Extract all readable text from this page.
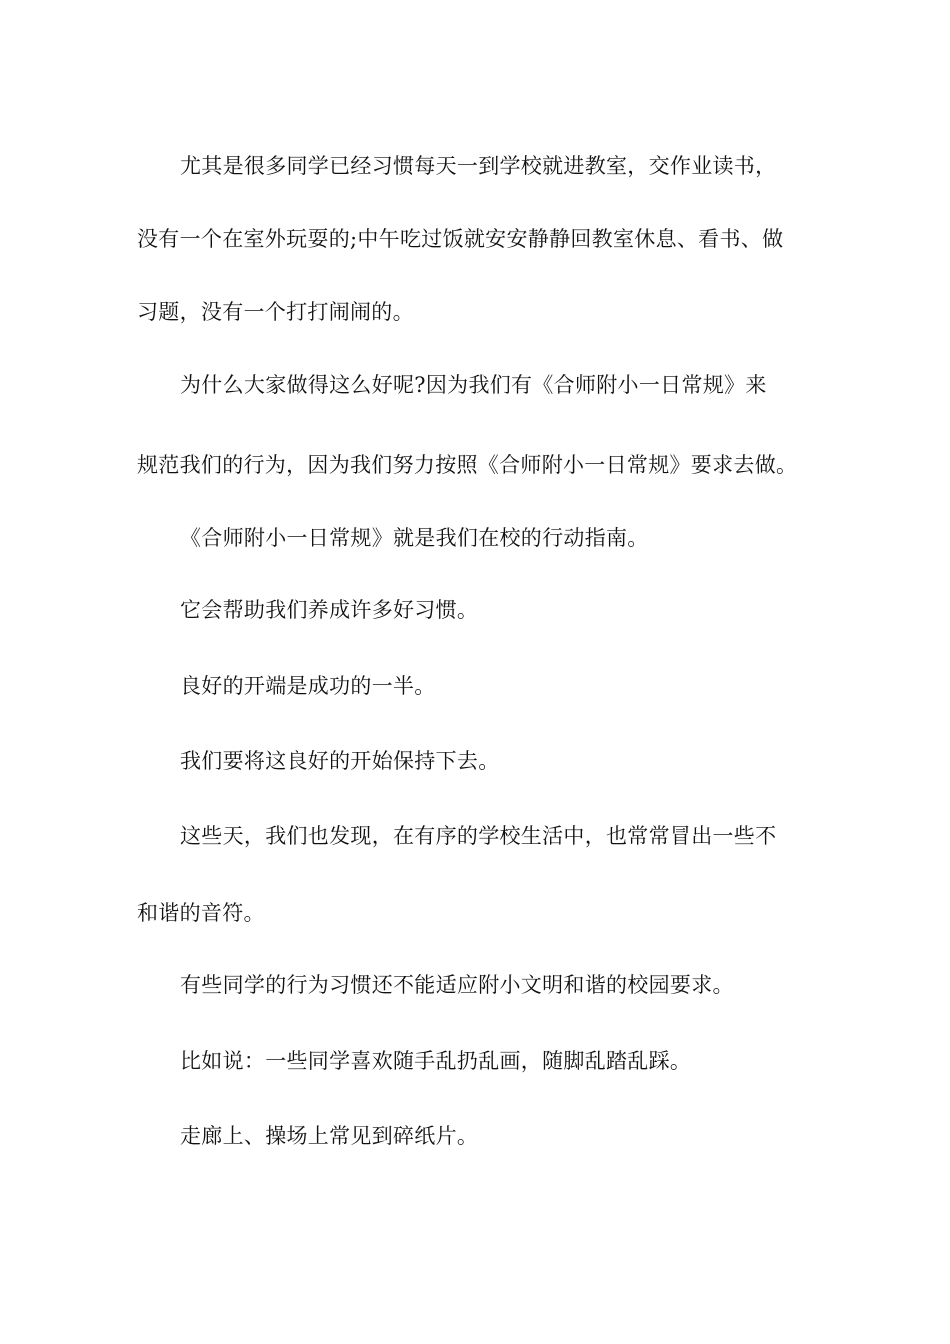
尤其是很多同学已经习惯每天一到学校就进教室，交作业读书，
没有一个在室外玩耍的;中午吃过饭就安安静静回教室休息、看书、做
习题，没有一个打打闹闹的。
为什么大家做得这么好呢?因为我们有《合师附小一日常规》来
规范我们的行为，因为我们努力按照《合师附小一日常规》要求去做。
《合师附小一日常规》就是我们在校的行动指南。
它会帮助我们养成许多好习惯。
良好的开端是成功的一半。
我们要将这良好的开始保持下去。
这些天，我们也发现，在有序的学校生活中，也常常冒出一些不
和谐的音符。
有些同学的行为习惯还不能适应附小文明和谐的校园要求。
比如说：一些同学喜欢随手乱扔乱画，随脚乱踏乱踩。
走廊上、操场上常见到碎纸片。
